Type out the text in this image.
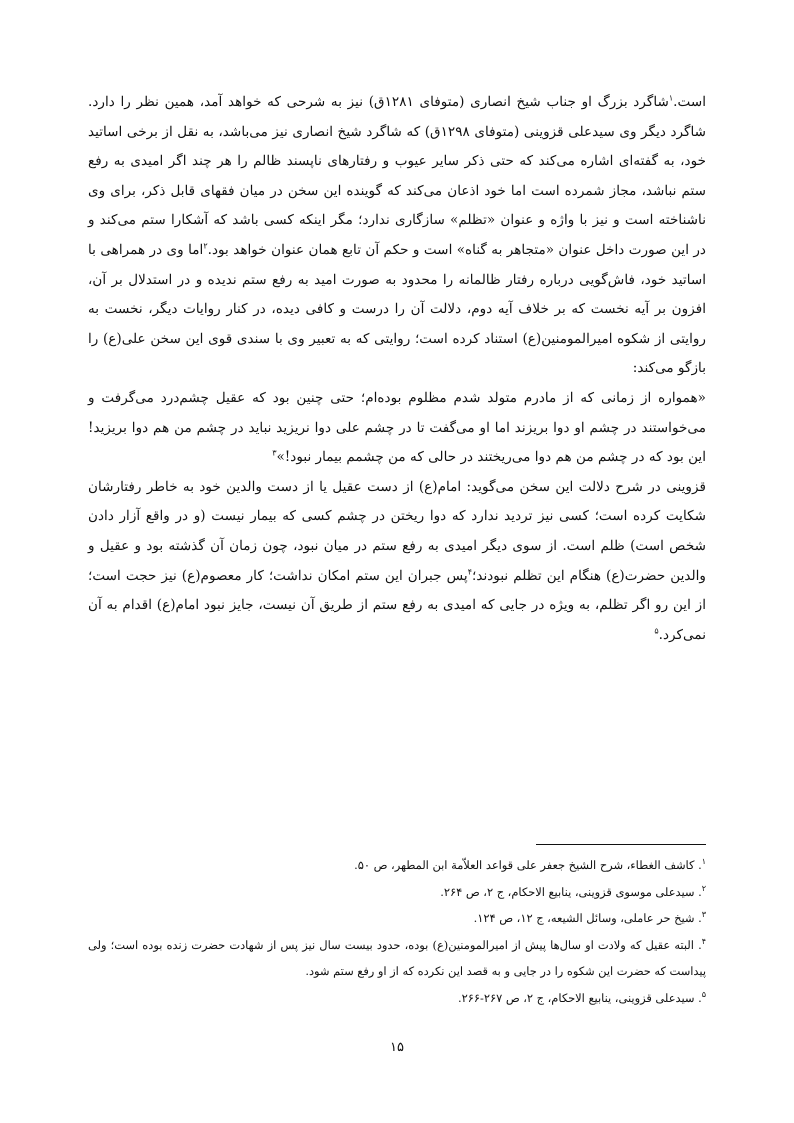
است.$^۱$شاگرد بزرگ او جناب شیخ انصاری (متوفای ۱۲۸۱ق) نیز به شرحی که خواهد آمد، همین نظر را دارد. شاگرد دیگر وی سیدعلی قزوینی (متوفای ۱۲۹۸ق) که شاگرد شیخ انصاری نیز می‌باشد، به نقل از برخی اساتید خود، به گفته‌ای اشاره می‌کند که حتی ذکر سایر عیوب و رفتارهای ناپسند ظالم را هر چند اگر امیدی به رفع ستم نباشد، مجاز شمرده است اما خود اذعان می‌کند که گوینده این سخن در میان فقهای قابل ذکر، برای وی ناشناخته است و نیز با واژه و عنوان «تظلم» سازگاری ندارد؛ مگر اینکه کسی باشد که آشکارا ستم می‌کند و در این صورت داخل عنوان «متجاهر به گناه» است و حکم آن تابع همان عنوان خواهد بود.$^۲$اما وی در همراهی با اساتید خود، فاش‌گویی درباره رفتار ظالمانه را محدود به صورت امید به رفع ستم ندیده و در استدلال بر آن، افزون بر آیه نخست که بر خلاف آیه دوم، دلالت آن را درست و کافی دیده، در کنار روایات دیگر، نخست به روایتی از شکوه امیرالمومنین(ع) استناد کرده است؛ روایتی که به تعبیر وی با سندی قوی این سخن علی(ع) را بازگو می‌کند:

«همواره از زمانی که از مادرم متولد شدم مظلوم بوده‌ام؛ حتی چنین بود که عقیل چشم‌درد می‌گرفت و می‌خواستند در چشم او دوا بریزند اما او می‌گفت تا در چشم علی دوا نریزید نباید در چشم من هم دوا بریزید! این بود که در چشم من هم دوا می‌ریختند در حالی که من چشمم بیمار نبود!»$^۳$

قزوینی در شرح دلالت این سخن می‌گوید: امام(ع) از دست عقیل یا از دست والدین خود به خاطر رفتارشان شکایت کرده است؛ کسی نیز تردید ندارد که دوا ریختن در چشم کسی که بیمار نیست (و در واقع آزار دادن شخص است) ظلم است. از سوی دیگر امیدی به رفع ستم در میان نبود، چون زمان آن گذشته بود و عقیل و والدین حضرت(ع) هنگام این تظلم نبودند؛$^۴$پس جبران این ستم امکان نداشت؛ کار معصوم(ع) نیز حجت است؛ از این رو اگر تظلم، به ویژه در جایی که امیدی به رفع ستم از طریق آن نیست، جایز نبود امام(ع) اقدام به آن نمی‌کرد.$^۵$

$^۱$. کاشف الغطاء، شرح الشیخ جعفر علی قواعد العلاّمة ابن المطهر، ص ۵۰.

$^۲$. سیدعلی موسوی قزوینی، ینابیع الاحکام، ج ۲، ص ۲۶۴.

$^۳$. شیخ حر عاملی، وسائل الشیعه، ج ۱۲، ص ۱۲۴.

$^۴$. البته عقیل که ولادت او سال‌ها پیش از امیرالمومنین(ع) بوده، حدود بیست سال نیز پس از شهادت حضرت زنده بوده است؛ ولی پیداست که حضرت این شکوه را در جایی و به قصد این نکرده که از او رفع ستم شود.

$^۵$. سیدعلی قزوینی، ینابیع الاحکام، ج ۲، ص ۲۶۷-۲۶۶.

۱۵
